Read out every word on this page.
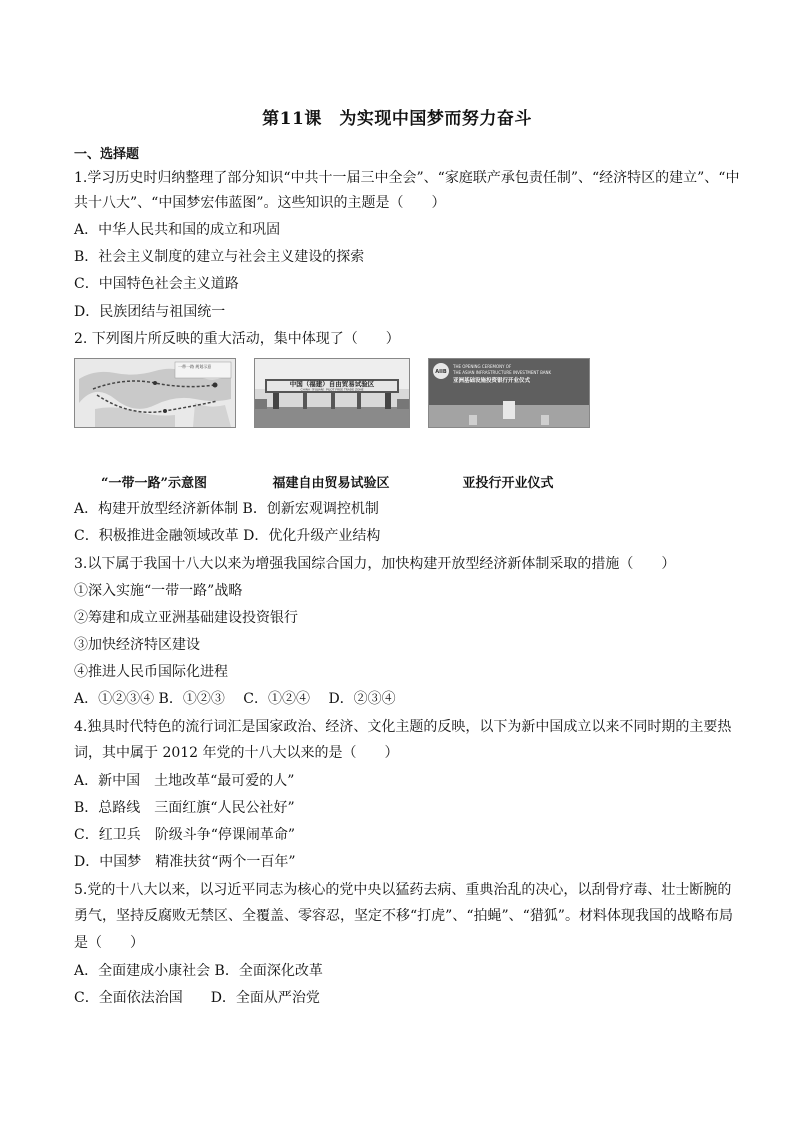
第11课　为实现中国梦而努力奋斗
一、选择题
1.学习历史时归纳整理了部分知识“中共十一届三中全会”、“家庭联产承包责任制”、“经济特区的建立”、“中
共十八大”、“中国梦宏伟蓝图”。这些知识的主题是（　　）
A．中华人民共和国的成立和巩固
B．社会主义制度的建立与社会主义建设的探索
C．中国特色社会主义道路
D．民族团结与祖国统一
2. 下列图片所反映的重大活动，集中体现了（　　）
一带一路 规划示意
中国（福建）自由贸易试验区
CHINA（FUJIAN）PILOT FREE TRADE ZONE
AIIB
THE OPENING CEREMONY OF
THE ASIAN INFRASTRUCTURE INVESTMENT BANK
亚洲基础设施投资银行开业仪式
“一带一路”示意图	福建自由贸易试验区	亚投行开业仪式
A．构建开放型经济新体制 B．创新宏观调控机制
C．积极推进金融领域改革 D．优化升级产业结构
3.以下属于我国十八大以来为增强我国综合国力，加快构建开放型经济新体制采取的措施（　　）
①深入实施“一带一路”战略
②筹建和成立亚洲基础建设投资银行
③加快经济特区建设
④推进人民币国际化进程
A．①②③④ B．①②③　 C．①②④　 D．②③④
4.独具时代特色的流行词汇是国家政治、经济、文化主题的反映，以下为新中国成立以来不同时期的主要热
词，其中属于 2012 年党的十八大以来的是（　　）
A．新中国　土地改革“最可爱的人”
B．总路线　三面红旗“人民公社好”
C．红卫兵　阶级斗争“停课闹革命”
D．中国梦　精准扶贫“两个一百年”
5.党的十八大以来，以习近平同志为核心的党中央以猛药去病、重典治乱的决心，以刮骨疗毒、壮士断腕的
勇气，坚持反腐败无禁区、全覆盖、零容忍，坚定不移“打虎”、“拍蝇”、“猎狐”。材料体现我国的战略布局
是（　　）
A．全面建成小康社会 B．全面深化改革
C．全面依法治国　　D．全面从严治党
